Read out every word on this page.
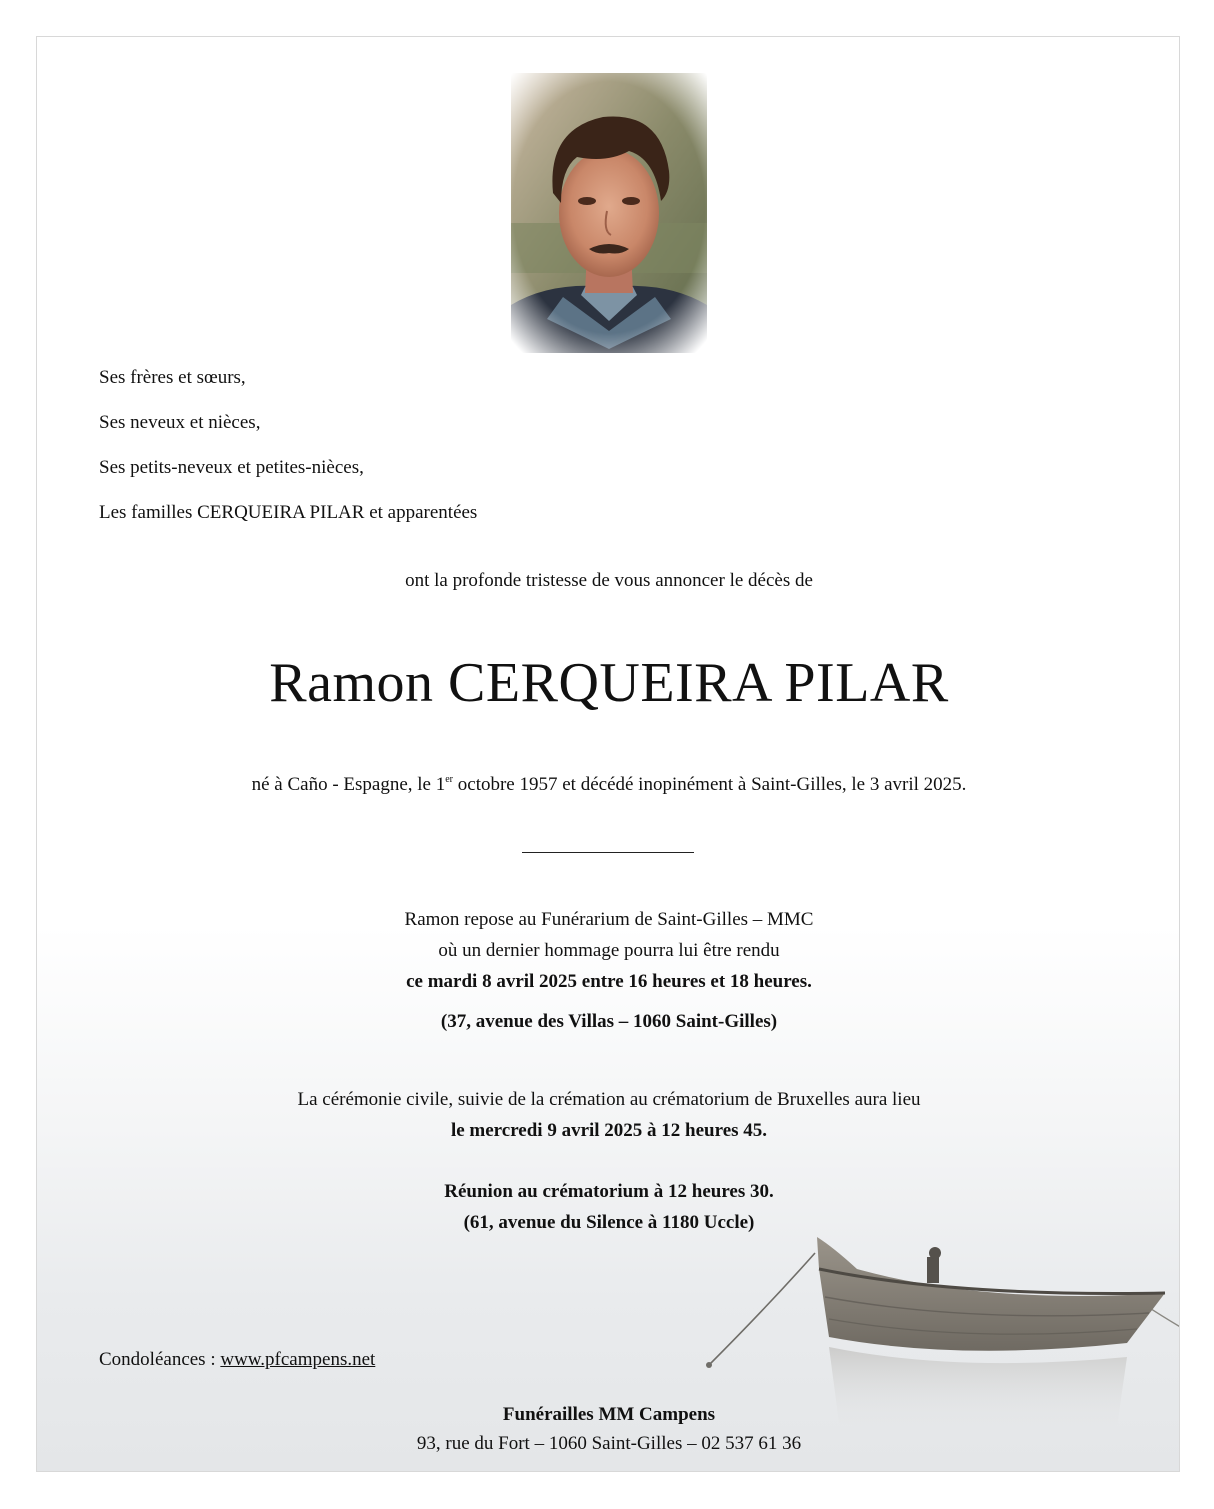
Ses frères et sœurs,
Ses neveux et nièces,
Ses petits-neveux et petites-nièces,
Les familles CERQUEIRA PILAR et apparentées
ont la profonde tristesse de vous annoncer le décès de
Ramon CERQUEIRA PILAR
né à Caño - Espagne, le 1er octobre 1957 et décédé inopinément à Saint-Gilles, le 3 avril 2025.
Ramon repose au Funérarium de Saint-Gilles – MMC
où un dernier hommage pourra lui être rendu
ce mardi 8 avril 2025 entre 16 heures et 18 heures.
(37, avenue des Villas – 1060 Saint-Gilles)
La cérémonie civile, suivie de la crémation au crématorium de Bruxelles aura lieu
le mercredi 9 avril 2025 à 12 heures 45.
Réunion au crématorium à 12 heures 30.
(61, avenue du Silence à 1180 Uccle)
Condoléances : www.pfcampens.net
Funérailles MM Campens
93, rue du Fort – 1060 Saint-Gilles – 02 537 61 36
